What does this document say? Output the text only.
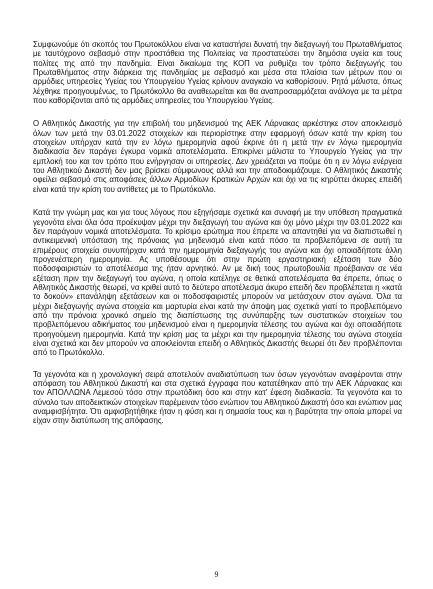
Συμφωνούμε ότι σκοπός του Πρωτοκόλλου είναι να καταστήσει δυνατή την διεξαγωγή του Πρωταθλήματος με ταυτόχρονο σεβασμό στην προστάθεια της Πολιτείας να προστατεύσει την δημόσια υγεία και τους πολίτες της από την πανδημία. Είναι δικαίωμα της ΚΟΠ να ρυθμίζει τον τρόπο διεξαγωγής του Πρωταθλήματος στην διάρκεια της πανδημίας με σεβασμό και μέσα στα πλαίσια των μέτρων που οι αρμόδιες υπηρεσίες Υγείας του Υπουργείου Υγείας κρίνουν αναγκαίο να καθορίσουν. Ρητά μάλιστα, όπως λέχθηκε προηγουμένως, το Πρωτόκολλο θα αναθεωρείται και θα αναπροσαρμόζεται ανάλογα με τα μέτρα που καθορίζονται από τις αρμόδιες υπηρεσίες του Υπουργείου Υγείας.

Ο Αθλητικός Δικαστής για την επιβολή του μηδενισμού της ΑΕΚ Λάρνακας αρκέστηκε στον αποκλεισμό όλων των μετά την 03.01.2022 στοιχείων και περιορίστηκε στην εφαρμογή όσων κατά την κρίση του στοιχείων υπήρχαν κατά την εν λόγω ημερομηνία αφού έκρινε ότι η μετά την εν λόγω ημερομηνία διαδικασία δεν παράγει έγκυρα νομικά αποτελέσματα. Επικρίνει μάλιστα το Υπουργείο Υγείας για την εμπλοκή του και τον τρόπο που ενήργησαν οι υπηρεσίες. Δεν χρειάζεται να πούμε ότι η εν λόγω ενέργεια του Αθλητικού Δικαστή δεν μας βρίσκει σύμφωνους αλλά και την αποδοκιμάζουμε. Ο Αθλητικός Δικαστής οφείλει σεβασμό στις αποφάσεις άλλων Αρμοδίων Κρατικών Αρχών και όχι να τις κηρύττει άκυρες επειδή είναι κατά την κρίση του αντίθετες με το Πρωτόκολλο.

Κατά την γνώμη μας και για τους λόγους που εξηγήσαμε σχετικά και συναφή με την υπόθεση πραγματικά γεγονότα είναι όλα όσα προέκυψαν μέχρι την διεξαγωγή του αγώνα και όχι μόνο μέχρι την 03.01.2022 και δεν παράγουν νομικά αποτελέσματα. Το κρίσιμο ερώτημα που έπρεπε να απαντηθεί για να διαπιστωθεί η αντικειμενική υπόσταση της πρόνοιας για μηδενισμό είναι κατά πόσο τα προβλεπόμενα σε αυτή τα επιμέρους στοιχεία συνυπήρχαν κατά την ημερομηνία διεξαγωγής του αγώνα και όχι οποιαδήποτε άλλη προγενέστερη ημερομηνία. Ας υποθέσουμε ότι στην πρώτη εργαστηριακή εξέταση των δύο ποδοσφαιριστών το αποτέλεσμα της ήταν αρνητικό. Αν με δική τους πρωτοβουλία προέβαιναν σε νέα εξέταση πριν την διεξαγωγή του αγώνα, η οποία κατέληγε σε θετικά αποτελέσματα θα έπρεπε, όπως ο Αθλητικός Δικαστής θεωρεί, να κριθεί αυτό το δεύτερο αποτέλεσμα άκυρο επειδή δεν προβλέπεται η «κατά το δοκούν» επανάληψη εξετάσεων και οι ποδοσφαιριστές μπορούν να μετάσχουν στον αγώνα. Όλα τα μέχρι διεξαγωγής αγώνα στοιχεία και μαρτυρία είναι κατά την άποψη μας σχετικά γιατί το προβλεπόμενο από την πρόνοια χρονικό σημείο της διαπίστωσης της συνύπαρξης των συστατικών στοιχείων του προβλεπόμενου αδικήματος του μηδενισμού είναι η ημερομηνία τέλεσης του αγώνα και όχι οποιαδήποτε προηγούμενη ημερομηνία. Κατά την κρίση μας τα μέχρι και την ημερομηνία τέλεσης του αγώνα στοιχεία είναι σχετικά και δεν μπορούν να αποκλείονται επειδή ο Αθλητικός Δικαστής θεωρεί ότι δεν προβλέπονται από το Πρωτόκολλο.

Τα γεγονότα και η χρονολογική σειρά αποτελούν αναδιατύπωση των όσων γεγονότων αναφέρονται στην απόφαση του Αθλητικού Δικαστή και στα σχετικά έγγραφα που κατατέθηκαν από την ΑΕΚ Λάρνακας και τον ΑΠΟΛΛΩΝΑ Λεμεσού τόσο στην πρωτόδικη όσο και στην κατ' έφεση διαδικασία. Τα γεγονότα και το σύνολο των αποδεικτικών στοιχείων παρέμειναν τόσο ενώπιον του Αθλητικού Δικαστή όσο και ενώπιον μας αναμφισβήτητα. Ότι αμφισβητήθηκε ήταν η φύση και η σημασία τους και η βαρύτητα την οποία μπορεί να είχαν στην διατύπωση της απόφασης.

9
